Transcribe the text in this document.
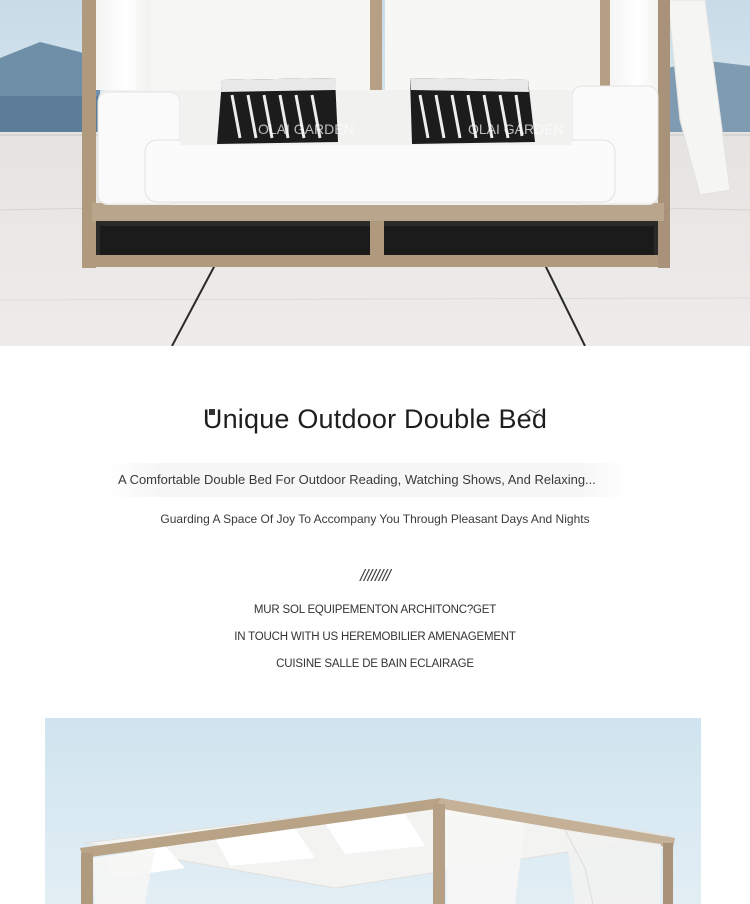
OLAI GARDEN	OLAI GARDEN
Unique Outdoor Double Bed
A Comfortable Double Bed For Outdoor Reading, Watching Shows, And Relaxing...
Guarding A Space Of Joy To Accompany You Through Pleasant Days And Nights
////////
MUR SOL EQUIPEMENTON ARCHITONC?GET
IN TOUCH WITH US HEREMOBILIER AMENAGEMENT
CUISINE SALLE DE BAIN ECLAIRAGE
